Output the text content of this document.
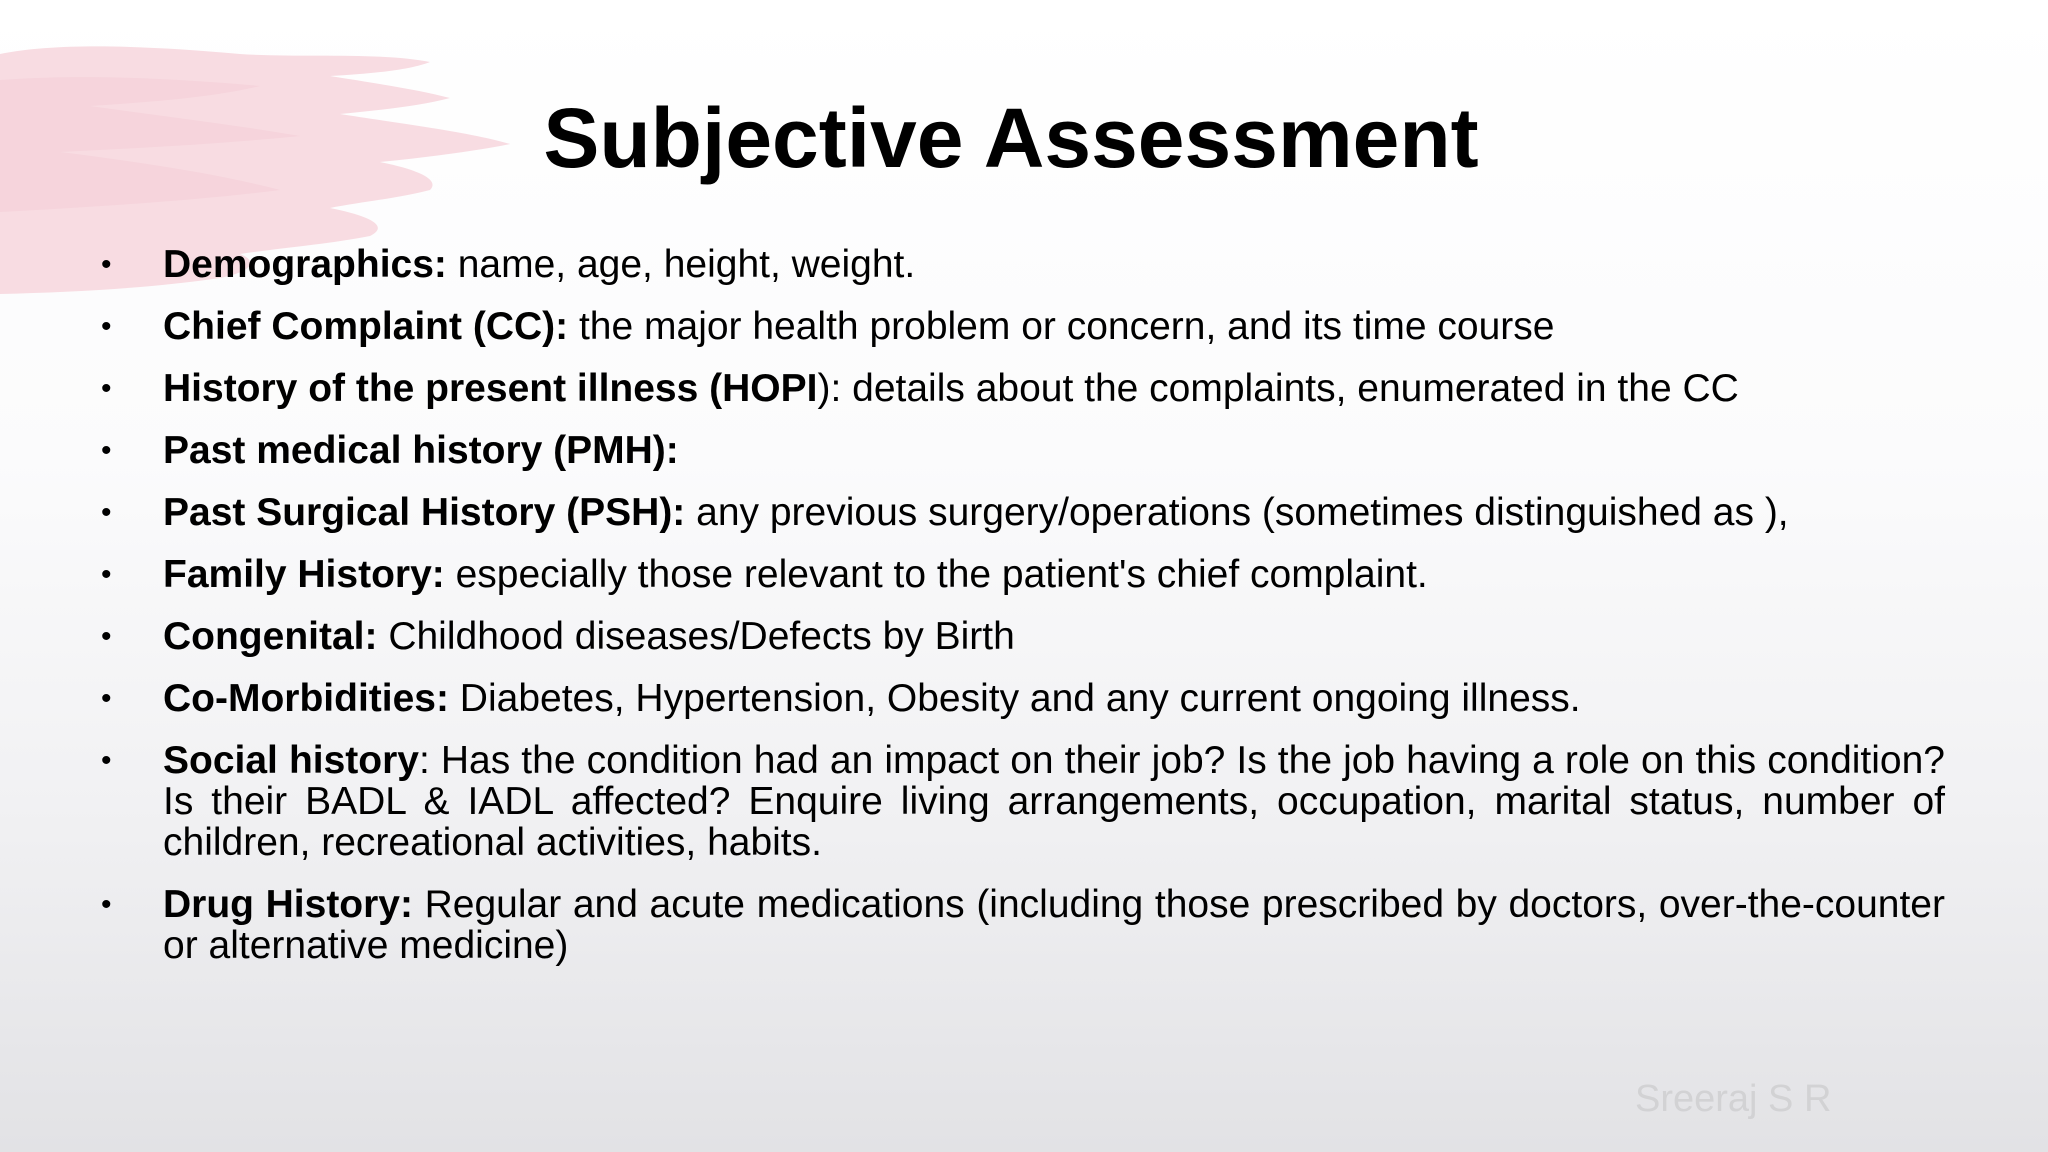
Subjective Assessment
•	Demographics: name, age, height, weight.
•	Chief Complaint (CC): the major health problem or concern, and its time course
•	History of the present illness (HOPI): details about the complaints, enumerated in the CC
•	Past medical history (PMH):
•	Past Surgical History (PSH): any previous surgery/operations (sometimes distinguished as ),
•	Family History: especially those relevant to the patient's chief complaint.
•	Congenital: Childhood diseases/Defects by Birth
•	Co-Morbidities: Diabetes, Hypertension, Obesity and any current ongoing illness.
•	Social history: Has the condition had an impact on their job? Is the job having a role on this condition? Is their BADL & IADL affected? Enquire living arrangements, occupation, marital status, number of children, recreational activities, habits.
•	Drug History: Regular and acute medications (including those prescribed by doctors, over-the-counter or alternative medicine)
Sreeraj S R
